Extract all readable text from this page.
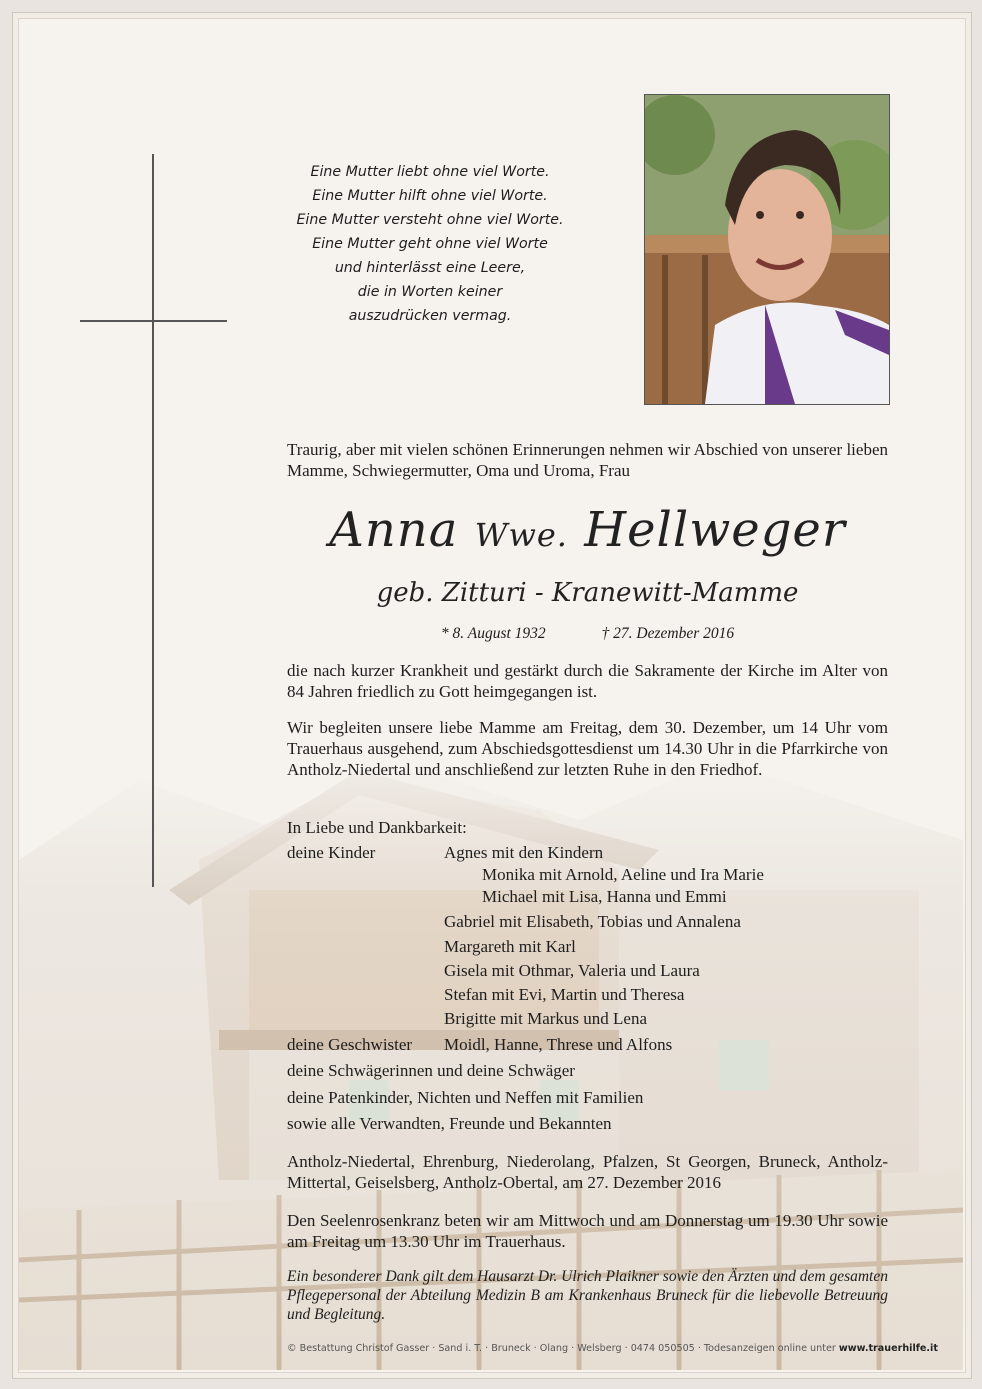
Eine Mutter liebt ohne viel Worte.
Eine Mutter hilft ohne viel Worte.
Eine Mutter versteht ohne viel Worte.
Eine Mutter geht ohne viel Worte
und hinterlässt eine Leere,
die in Worten keiner
auszudrücken vermag.
Traurig, aber mit vielen schönen Erinnerungen nehmen wir Abschied von unserer lieben Mamme, Schwiegermutter, Oma und Uroma, Frau
Anna Wwe. Hellweger
geb. Zitturi - Kranewitt-Mamme
* 8. August 1932	† 27. Dezember 2016
die nach kurzer Krankheit und gestärkt durch die Sakramente der Kirche im Alter von 84 Jahren friedlich zu Gott heimgegangen ist.
Wir begleiten unsere liebe Mamme am Freitag, dem 30. Dezember, um 14 Uhr vom Trauerhaus ausgehend, zum Abschiedsgottesdienst um 14.30 Uhr in die Pfarrkirche von Antholz-Niedertal und anschließend zur letzten Ruhe in den Friedhof.
In Liebe und Dankbarkeit:
deine Kinder	Agnes mit den Kindern
Monika mit Arnold, Aeline und Ira Marie
Michael mit Lisa, Hanna und Emmi
Gabriel mit Elisabeth, Tobias und Annalena
Margareth mit Karl
Gisela mit Othmar, Valeria und Laura
Stefan mit Evi, Martin und Theresa
Brigitte mit Markus und Lena
deine Geschwister Moidl, Hanne, Threse und Alfons
deine Schwägerinnen und deine Schwäger
deine Patenkinder, Nichten und Neffen mit Familien
sowie alle Verwandten, Freunde und Bekannten
Antholz-Niedertal, Ehrenburg, Niederolang, Pfalzen, St Georgen, Bruneck, Antholz-Mittertal, Geiselsberg, Antholz-Obertal, am 27. Dezember 2016
Den Seelenrosenkranz beten wir am Mittwoch und am Donnerstag um 19.30 Uhr sowie am Freitag um 13.30 Uhr im Trauerhaus.
Ein besonderer Dank gilt dem Hausarzt Dr. Ulrich Plaikner sowie den Ärzten und dem gesamten Pflegepersonal der Abteilung Medizin B am Krankenhaus Bruneck für die liebevolle Betreuung und Begleitung.
© Bestattung Christof Gasser · Sand i. T. · Bruneck · Olang · Welsberg · 0474 050505 · Todesanzeigen online unter www.trauerhilfe.it
